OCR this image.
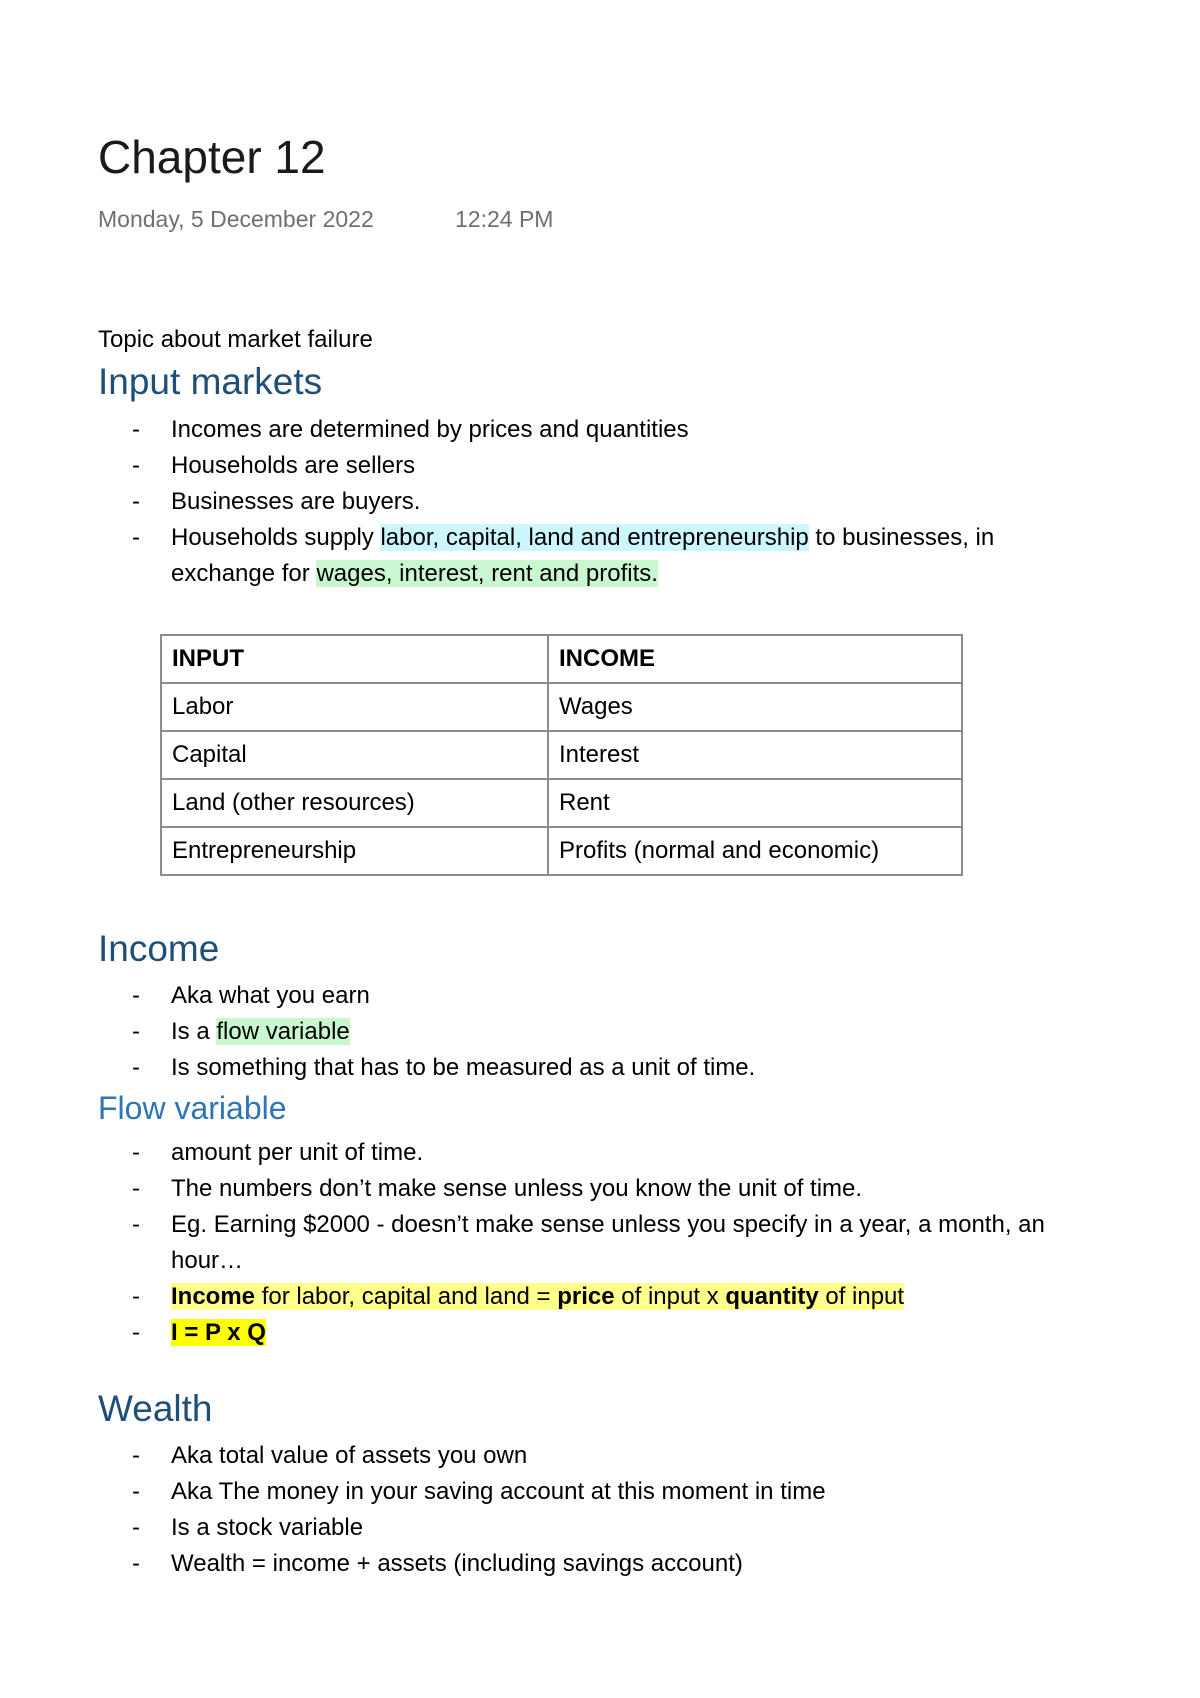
Chapter 12
Monday, 5 December 2022	12:24 PM
Topic about market failure
Input markets
- Incomes are determined by prices and quantities
- Households are sellers
- Businesses are buyers.
- Households supply labor, capital, land and entrepreneurship to businesses, in
exchange for wages, interest, rent and profits.
INPUT	INCOME
Labor	Wages
Capital	Interest
Land (other resources)	Rent
Entrepreneurship	Profits (normal and economic)
Income
- Aka what you earn
- Is a flow variable
- Is something that has to be measured as a unit of time.
Flow variable
- amount per unit of time.
- The numbers don’t make sense unless you know the unit of time.
- Eg. Earning $2000 - doesn’t make sense unless you specify in a year, a month, an
hour…
- Income for labor, capital and land = price of input x quantity of input
- I = P x Q
Wealth
- Aka total value of assets you own
- Aka The money in your saving account at this moment in time
- Is a stock variable
- Wealth = income + assets (including savings account)
